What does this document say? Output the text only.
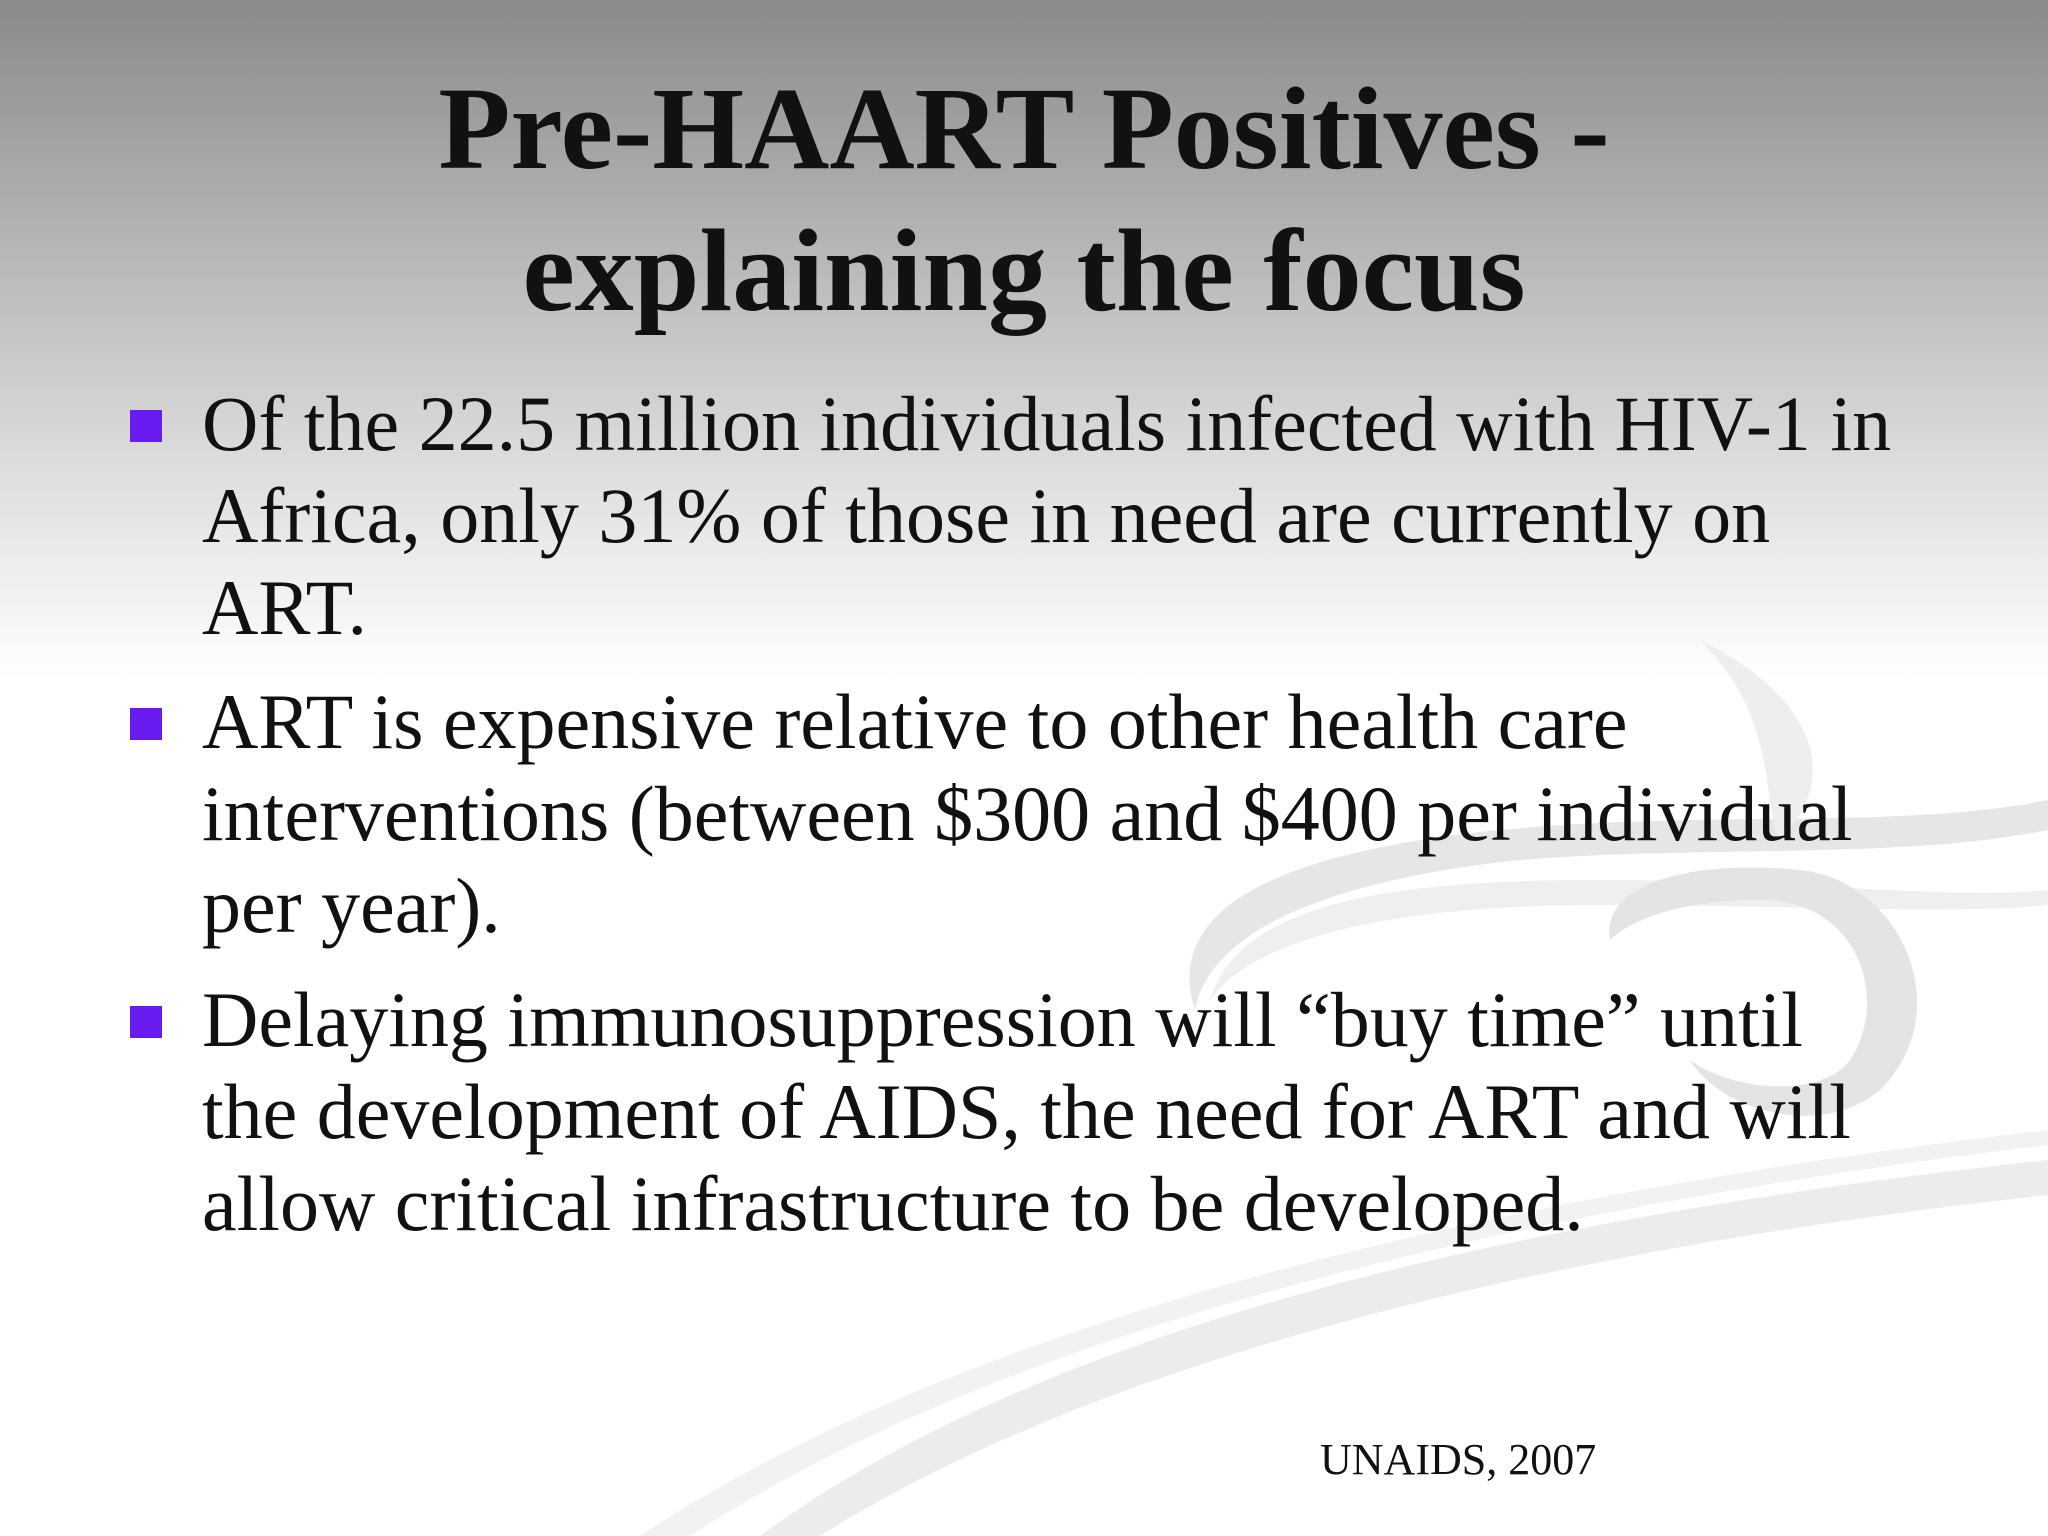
Pre-HAART Positives -
explaining the focus
Of the 22.5 million individuals infected with HIV-1 in Africa, only 31% of those in need are currently on ART.
ART is expensive relative to other health care interventions (between $300 and $400 per individual per year).
Delaying immunosuppression will “buy time” until the development of AIDS, the need for ART and will allow critical infrastructure to be developed.
UNAIDS, 2007
